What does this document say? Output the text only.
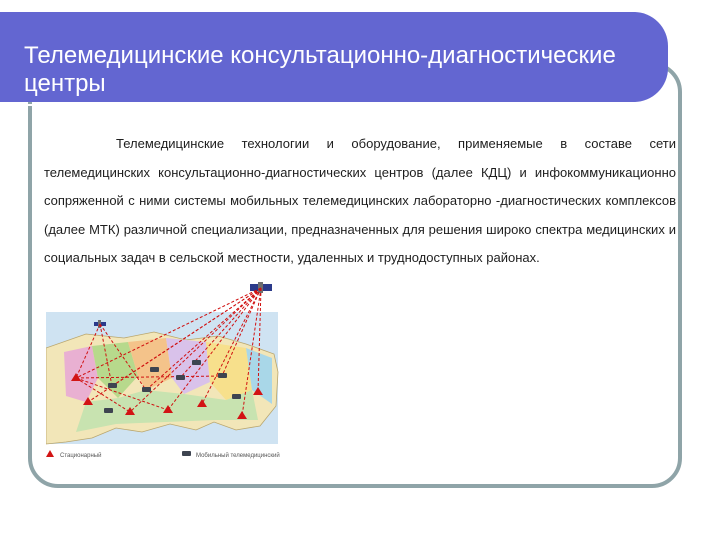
Телемедицинские консультационно-диагностические центры

Телемедицинские технологии и оборудование, применяемые в составе сети телемедицинских консультационно-диагностических центров (далее КДЦ) и инфокоммуникационно сопряженной с ними системы мобильных телемедицинских лабораторно -диагностических комплексов (далее МТК) различной специализации, предназначенных для решения широко спектра медицинских и социальных задач в сельской местности, удаленных и труднодоступных районах.

Стационарный	Мобильный телемедицинский
